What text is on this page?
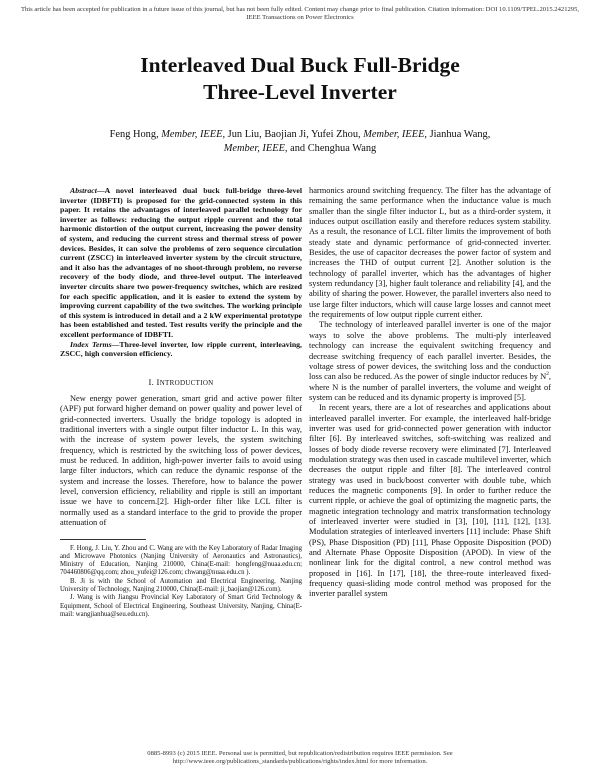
This article has been accepted for publication in a future issue of this journal, but has not been fully edited. Content may change prior to final publication. Citation information: DOI 10.1109/TPEL.2015.2421295, IEEE Transactions on Power Electronics
Interleaved Dual Buck Full-Bridge
Three-Level Inverter
Feng Hong, Member, IEEE, Jun Liu, Baojian Ji, Yufei Zhou, Member, IEEE, Jianhua Wang,
Member, IEEE, and Chenghua Wang

Abstract—A novel interleaved dual buck full-bridge three-level inverter (IDBFTI) is proposed for the grid-connected system in this paper. It retains the advantages of interleaved parallel technology for inverter as follows: reducing the output ripple current and the total harmonic distortion of the output current, increasing the power density of system, and reducing the current stress and thermal stress of power devices. Besides, it can solve the problems of zero sequence circulation current (ZSCC) in interleaved inverter system by the circuit structure, and it also has the advantages of no shoot-through problem, no reverse recovery of the body diode, and three-level output. The interleaved inverter circuits share two power-frequency switches, which are resized for each specific application, and it is easier to extend the system by improving current capability of the two switches. The working principle of this system is introduced in detail and a 2 kW experimental prototype has been established and tested. Test results verify the principle and the excellent performance of IDBFTI.

Index Terms—Three-level inverter, low ripple current, interleaving, ZSCC, high conversion efficiency.

I. INTRODUCTION

New energy power generation, smart grid and active power filter (APF) put forward higher demand on power quality and power level of grid-connected inverters. Usually the bridge topology is adopted in traditional inverters with a single output filter inductor L. In this way, with the increase of system power levels, the system switching frequency, which is restricted by the switching loss of power devices, must be reduced. In addition, high-power inverter fails to avoid using large filter inductors, which can reduce the dynamic response of the system and increase the losses. Therefore, how to balance the power level, conversion efficiency, reliability and ripple is still an important issue we have to concern.[2]. High-order filter like LCL filter is normally used as a standard interface to the grid to provide the proper attenuation of

F. Hong, J. Liu, Y. Zhou and C. Wang are with the Key Laboratory of Radar Imaging and Microwave Photonics (Nanjing University of Aeronautics and Astronautics), Ministry of Education, Nanjing 210000, China(E-mail: hongfeng@nuaa.edu.cn; 704460806@qq.com; zhou_yufei@126.com; chwang@nuaa.edu.cn ).
B. Ji is with the School of Automation and Electrical Engineering, Nanjing University of Technology, Nanjing 210000, China(E-mail: ji_baojian@126.com).
J. Wang is with Jiangsu Provincial Key Laboratory of Smart Grid Technology & Equipment, School of Electrical Engineering, Southeast University, Nanjing, China(E-mail: wangjianhua@seu.edu.cn).

harmonics around switching frequency. The filter has the advantage of remaining the same performance when the inductance value is much smaller than the single filter inductor L, but as a third-order system, it induces output oscillation easily and therefore reduces system stability. As a result, the resonance of LCL filter limits the improvement of both steady state and dynamic performance of grid-connected inverter. Besides, the use of capacitor decreases the power factor of system and increases the THD of output current [2]. Another solution is the technology of parallel inverter, which has the advantages of higher system redundancy [3], higher fault tolerance and reliability [4], and the ability of sharing the power. However, the parallel inverters also need to use large filter inductors, which will cause large losses and cannot meet the requirements of low output ripple current either.

The technology of interleaved parallel inverter is one of the major ways to solve the above problems. The multi-ply interleaved technology can increase the equivalent switching frequency and decrease switching frequency of each parallel inverter. Besides, the voltage stress of power devices, the switching loss and the conduction loss can also be reduced. As the power of single inductor reduces by $N^2$, where N is the number of parallel inverters, the volume and weight of system can be reduced and its dynamic property is improved [5].

In recent years, there are a lot of researches and applications about interleaved parallel inverter. For example, the interleaved half-bridge inverter was used for grid-connected power generation with inductor filter [6]. By interleaved switches, soft-switching was realized and losses of body diode reverse recovery were eliminated [7]. Interleaved modulation strategy was then used in cascade multilevel inverter, which decreases the output ripple and filter [8]. The interleaved control strategy was used in buck/boost converter with double tube, which reduces the magnetic components [9]. In order to further reduce the current ripple, or achieve the goal of optimizing the magnetic parts, the magnetic integration technology and matrix transformation technology of interleaved inverter were studied in [3], [10], [11], [12], [13]. Modulation strategies of interleaved inverters [11] include: Phase Shift (PS), Phase Disposition (PD) [11], Phase Opposite Disposition (POD) and Alternate Phase Opposite Disposition (APOD). In view of the nonlinear link for the digital control, a new control method was proposed in [16]. In [17], [18], the three-route interleaved fixed-frequency quasi-sliding mode control method was proposed for the inverter parallel system

0885-8993 (c) 2015 IEEE. Personal use is permitted, but republication/redistribution requires IEEE permission. See
http://www.ieee.org/publications_standards/publications/rights/index.html for more information.
